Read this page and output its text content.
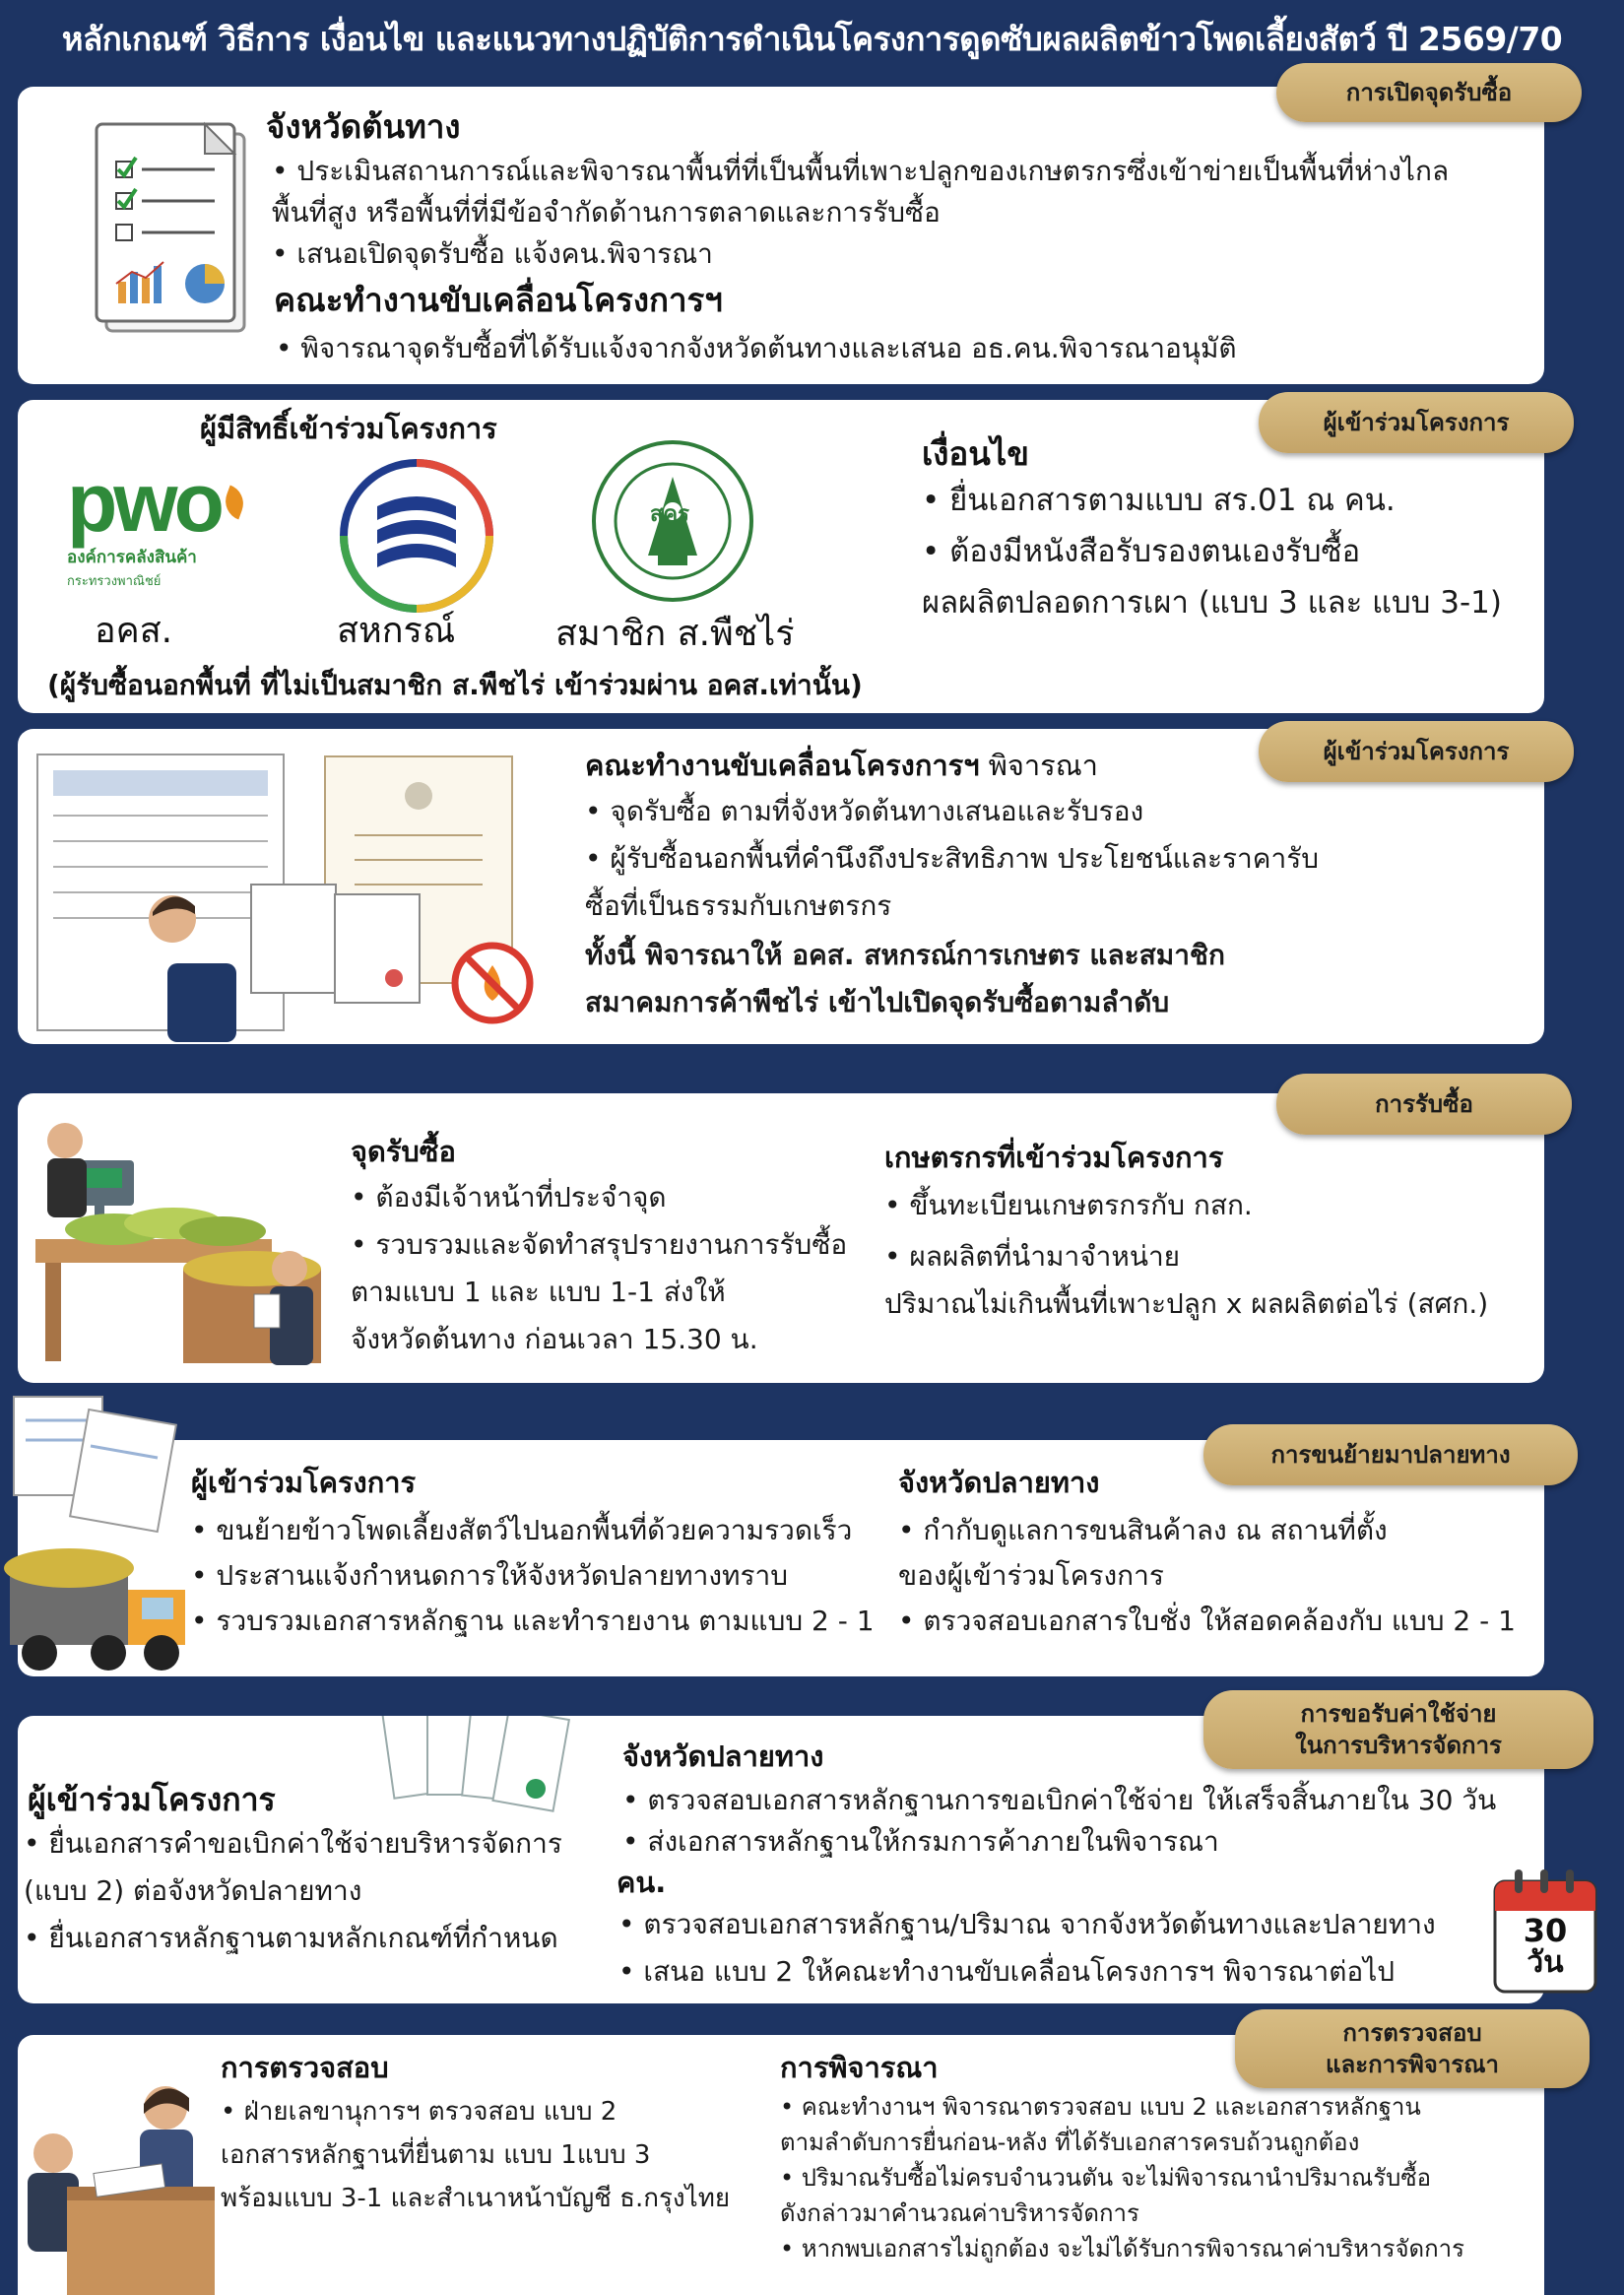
หลักเกณฑ์ วิธีการ เงื่อนไข และแนวทางปฏิบัติการดำเนินโครงการดูดซับผลผลิตข้าวโพดเลี้ยงสัตว์ ปี 2569/70
จังหวัดต้นทาง
• ประเมินสถานการณ์และพิจารณาพื้นที่ที่เป็นพื้นที่เพาะปลูกของเกษตรกรซึ่งเข้าข่ายเป็นพื้นที่ห่างไกล
พื้นที่สูง หรือพื้นที่ที่มีข้อจำกัดด้านการตลาดและการรับซื้อ
• เสนอเปิดจุดรับซื้อ แจ้งคน.พิจารณา
คณะทำงานขับเคลื่อนโครงการฯ
• พิจารณาจุดรับซื้อที่ได้รับแจ้งจากจังหวัดต้นทางและเสนอ อธ.คน.พิจารณาอนุมัติ
การเปิดจุดรับซื้อ
ผู้มีสิทธิ์เข้าร่วมโครงการ
pwo
องค์การคลังสินค้า
กระทรวงพาณิชย์
สคร
อคส.	สหกรณ์	สมาชิก ส.พืชไร่
(ผู้รับซื้อนอกพื้นที่ ที่ไม่เป็นสมาชิก ส.พืชไร่ เข้าร่วมผ่าน อคส.เท่านั้น)
เงื่อนไข
• ยื่นเอกสารตามแบบ สร.01 ณ คน.
• ต้องมีหนังสือรับรองตนเองรับซื้อ
ผลผลิตปลอดการเผา (แบบ 3 และ แบบ 3-1)
ผู้เข้าร่วมโครงการ
คณะทำงานขับเคลื่อนโครงการฯ พิจารณา
• จุดรับซื้อ ตามที่จังหวัดต้นทางเสนอและรับรอง
• ผู้รับซื้อนอกพื้นที่คำนึงถึงประสิทธิภาพ ประโยชน์และราคารับ
ซื้อที่เป็นธรรมกับเกษตรกร
ทั้งนี้ พิจารณาให้ อคส. สหกรณ์การเกษตร และสมาชิก
สมาคมการค้าพืชไร่ เข้าไปเปิดจุดรับซื้อตามลำดับ
ผู้เข้าร่วมโครงการ
จุดรับซื้อ
• ต้องมีเจ้าหน้าที่ประจำจุด
• รวบรวมและจัดทำสรุปรายงานการรับซื้อ
ตามแบบ 1 และ แบบ 1-1 ส่งให้
จังหวัดต้นทาง ก่อนเวลา 15.30 น.
เกษตรกรที่เข้าร่วมโครงการ
• ขึ้นทะเบียนเกษตรกรกับ กสก.
• ผลผลิตที่นำมาจำหน่าย
ปริมาณไม่เกินพื้นที่เพาะปลูก x ผลผลิตต่อไร่ (สศก.)
การรับซื้อ
ผู้เข้าร่วมโครงการ
• ขนย้ายข้าวโพดเลี้ยงสัตว์ไปนอกพื้นที่ด้วยความรวดเร็ว
• ประสานแจ้งกำหนดการให้จังหวัดปลายทางทราบ
• รวบรวมเอกสารหลักฐาน และทำรายงาน ตามแบบ 2 - 1
จังหวัดปลายทาง
• กำกับดูแลการขนสินค้าลง ณ สถานที่ตั้ง
ของผู้เข้าร่วมโครงการ
• ตรวจสอบเอกสารใบชั่ง ให้สอดคล้องกับ แบบ 2 - 1
การขนย้ายมาปลายทาง
ผู้เข้าร่วมโครงการ
• ยื่นเอกสารคำขอเบิกค่าใช้จ่ายบริหารจัดการ
(แบบ 2) ต่อจังหวัดปลายทาง
• ยื่นเอกสารหลักฐานตามหลักเกณฑ์ที่กำหนด
จังหวัดปลายทาง
• ตรวจสอบเอกสารหลักฐานการขอเบิกค่าใช้จ่าย ให้เสร็จสิ้นภายใน 30 วัน
• ส่งเอกสารหลักฐานให้กรมการค้าภายในพิจารณา
คน.
• ตรวจสอบเอกสารหลักฐาน/ปริมาณ จากจังหวัดต้นทางและปลายทาง
• เสนอ แบบ 2 ให้คณะทำงานขับเคลื่อนโครงการฯ พิจารณาต่อไป
30
วัน
การขอรับค่าใช้จ่าย
ในการบริหารจัดการ
การตรวจสอบ
• ฝ่ายเลขานุการฯ ตรวจสอบ แบบ 2
เอกสารหลักฐานที่ยื่นตาม แบบ 1แบบ 3
พร้อมแบบ 3-1 และสำเนาหน้าบัญชี ธ.กรุงไทย
การพิจารณา
• คณะทำงานฯ พิจารณาตรวจสอบ แบบ 2 และเอกสารหลักฐาน
ตามลำดับการยื่นก่อน-หลัง ที่ได้รับเอกสารครบถ้วนถูกต้อง
• ปริมาณรับซื้อไม่ครบจำนวนตัน จะไม่พิจารณานำปริมาณรับซื้อ
ดังกล่าวมาคำนวณค่าบริหารจัดการ
• หากพบเอกสารไม่ถูกต้อง จะไม่ได้รับการพิจารณาค่าบริหารจัดการ
การตรวจสอบ
และการพิจารณา
